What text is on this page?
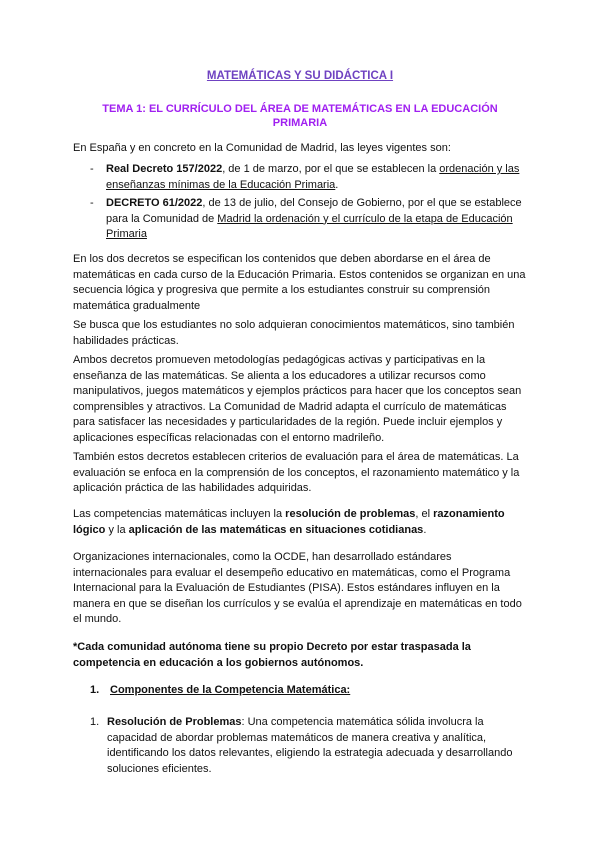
MATEMÁTICAS Y SU DIDÁCTICA I
TEMA 1: EL CURRÍCULO DEL ÁREA DE MATEMÁTICAS EN LA EDUCACIÓN PRIMARIA

En España y en concreto en la Comunidad de Madrid, las leyes vigentes son:

- Real Decreto 157/2022, de 1 de marzo, por el que se establecen la ordenación y las enseñanzas mínimas de la Educación Primaria.
- DECRETO 61/2022, de 13 de julio, del Consejo de Gobierno, por el que se establece para la Comunidad de Madrid la ordenación y el currículo de la etapa de Educación Primaria

En los dos decretos se especifican los contenidos que deben abordarse en el área de matemáticas en cada curso de la Educación Primaria. Estos contenidos se organizan en una secuencia lógica y progresiva que permite a los estudiantes construir su comprensión matemática gradualmente

Se busca que los estudiantes no solo adquieran conocimientos matemáticos, sino también habilidades prácticas.

Ambos decretos promueven metodologías pedagógicas activas y participativas en la enseñanza de las matemáticas. Se alienta a los educadores a utilizar recursos como manipulativos, juegos matemáticos y ejemplos prácticos para hacer que los conceptos sean comprensibles y atractivos. La Comunidad de Madrid adapta el currículo de matemáticas para satisfacer las necesidades y particularidades de la región. Puede incluir ejemplos y aplicaciones específicas relacionadas con el entorno madrileño.

También estos decretos establecen criterios de evaluación para el área de matemáticas. La evaluación se enfoca en la comprensión de los conceptos, el razonamiento matemático y la aplicación práctica de las habilidades adquiridas.

Las competencias matemáticas incluyen la resolución de problemas, el razonamiento lógico y la aplicación de las matemáticas en situaciones cotidianas.

Organizaciones internacionales, como la OCDE, han desarrollado estándares internacionales para evaluar el desempeño educativo en matemáticas, como el Programa Internacional para la Evaluación de Estudiantes (PISA). Estos estándares influyen en la manera en que se diseñan los currículos y se evalúa el aprendizaje en matemáticas en todo el mundo.

*Cada comunidad autónoma tiene su propio Decreto por estar traspasada la competencia en educación a los gobiernos autónomos.

1. Componentes de la Competencia Matemática:
1. Resolución de Problemas: Una competencia matemática sólida involucra la capacidad de abordar problemas matemáticos de manera creativa y analítica, identificando los datos relevantes, eligiendo la estrategia adecuada y desarrollando soluciones eficientes.
